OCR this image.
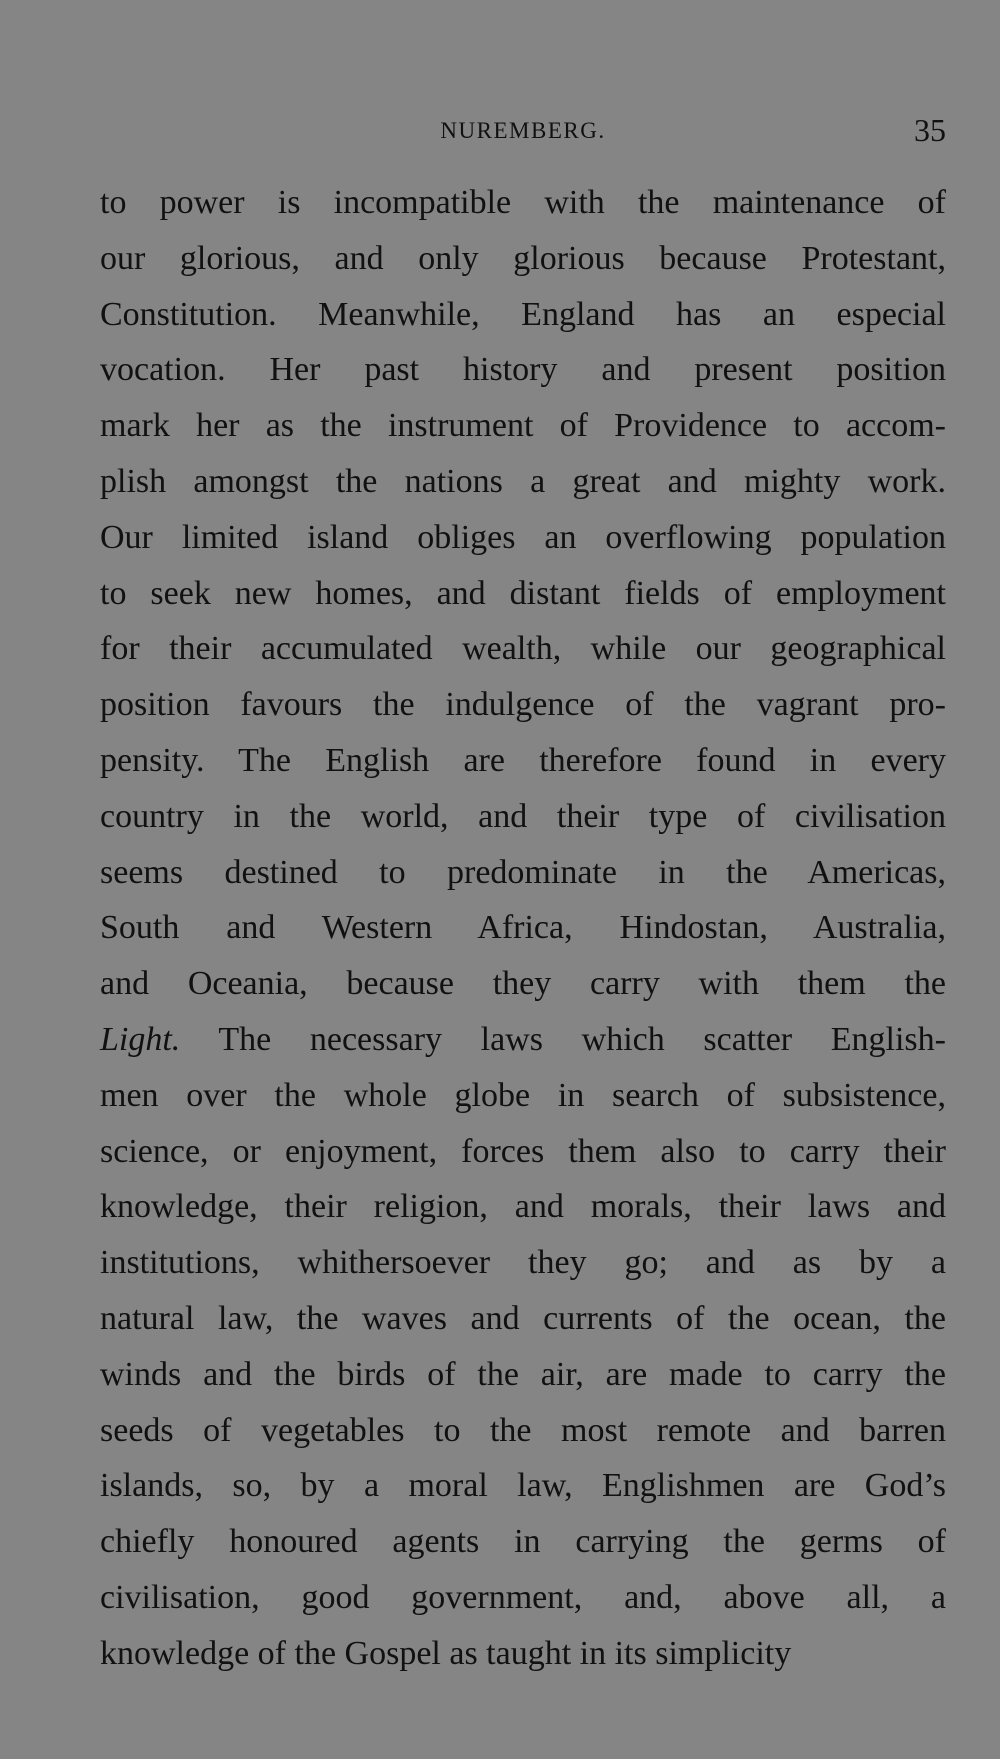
NUREMBERG.	35
to power is incompatible with the maintenance of
our glorious, and only glorious because Protestant,
Constitution. Meanwhile, England has an especial
vocation. Her past history and present position
mark her as the instrument of Providence to accom-
plish amongst the nations a great and mighty work.
Our limited island obliges an overflowing population
to seek new homes, and distant fields of employment
for their accumulated wealth, while our geographical
position favours the indulgence of the vagrant pro-
pensity. The English are therefore found in every
country in the world, and their type of civilisation
seems destined to predominate in the Americas,
South and Western Africa, Hindostan, Australia,
and Oceania, because they carry with them the
Light. The necessary laws which scatter English-
men over the whole globe in search of subsistence,
science, or enjoyment, forces them also to carry their
knowledge, their religion, and morals, their laws and
institutions, whithersoever they go; and as by a
natural law, the waves and currents of the ocean, the
winds and the birds of the air, are made to carry the
seeds of vegetables to the most remote and barren
islands, so, by a moral law, Englishmen are God’s
chiefly honoured agents in carrying the germs of
civilisation, good government, and, above all, a
knowledge of the Gospel as taught in its simplicity
